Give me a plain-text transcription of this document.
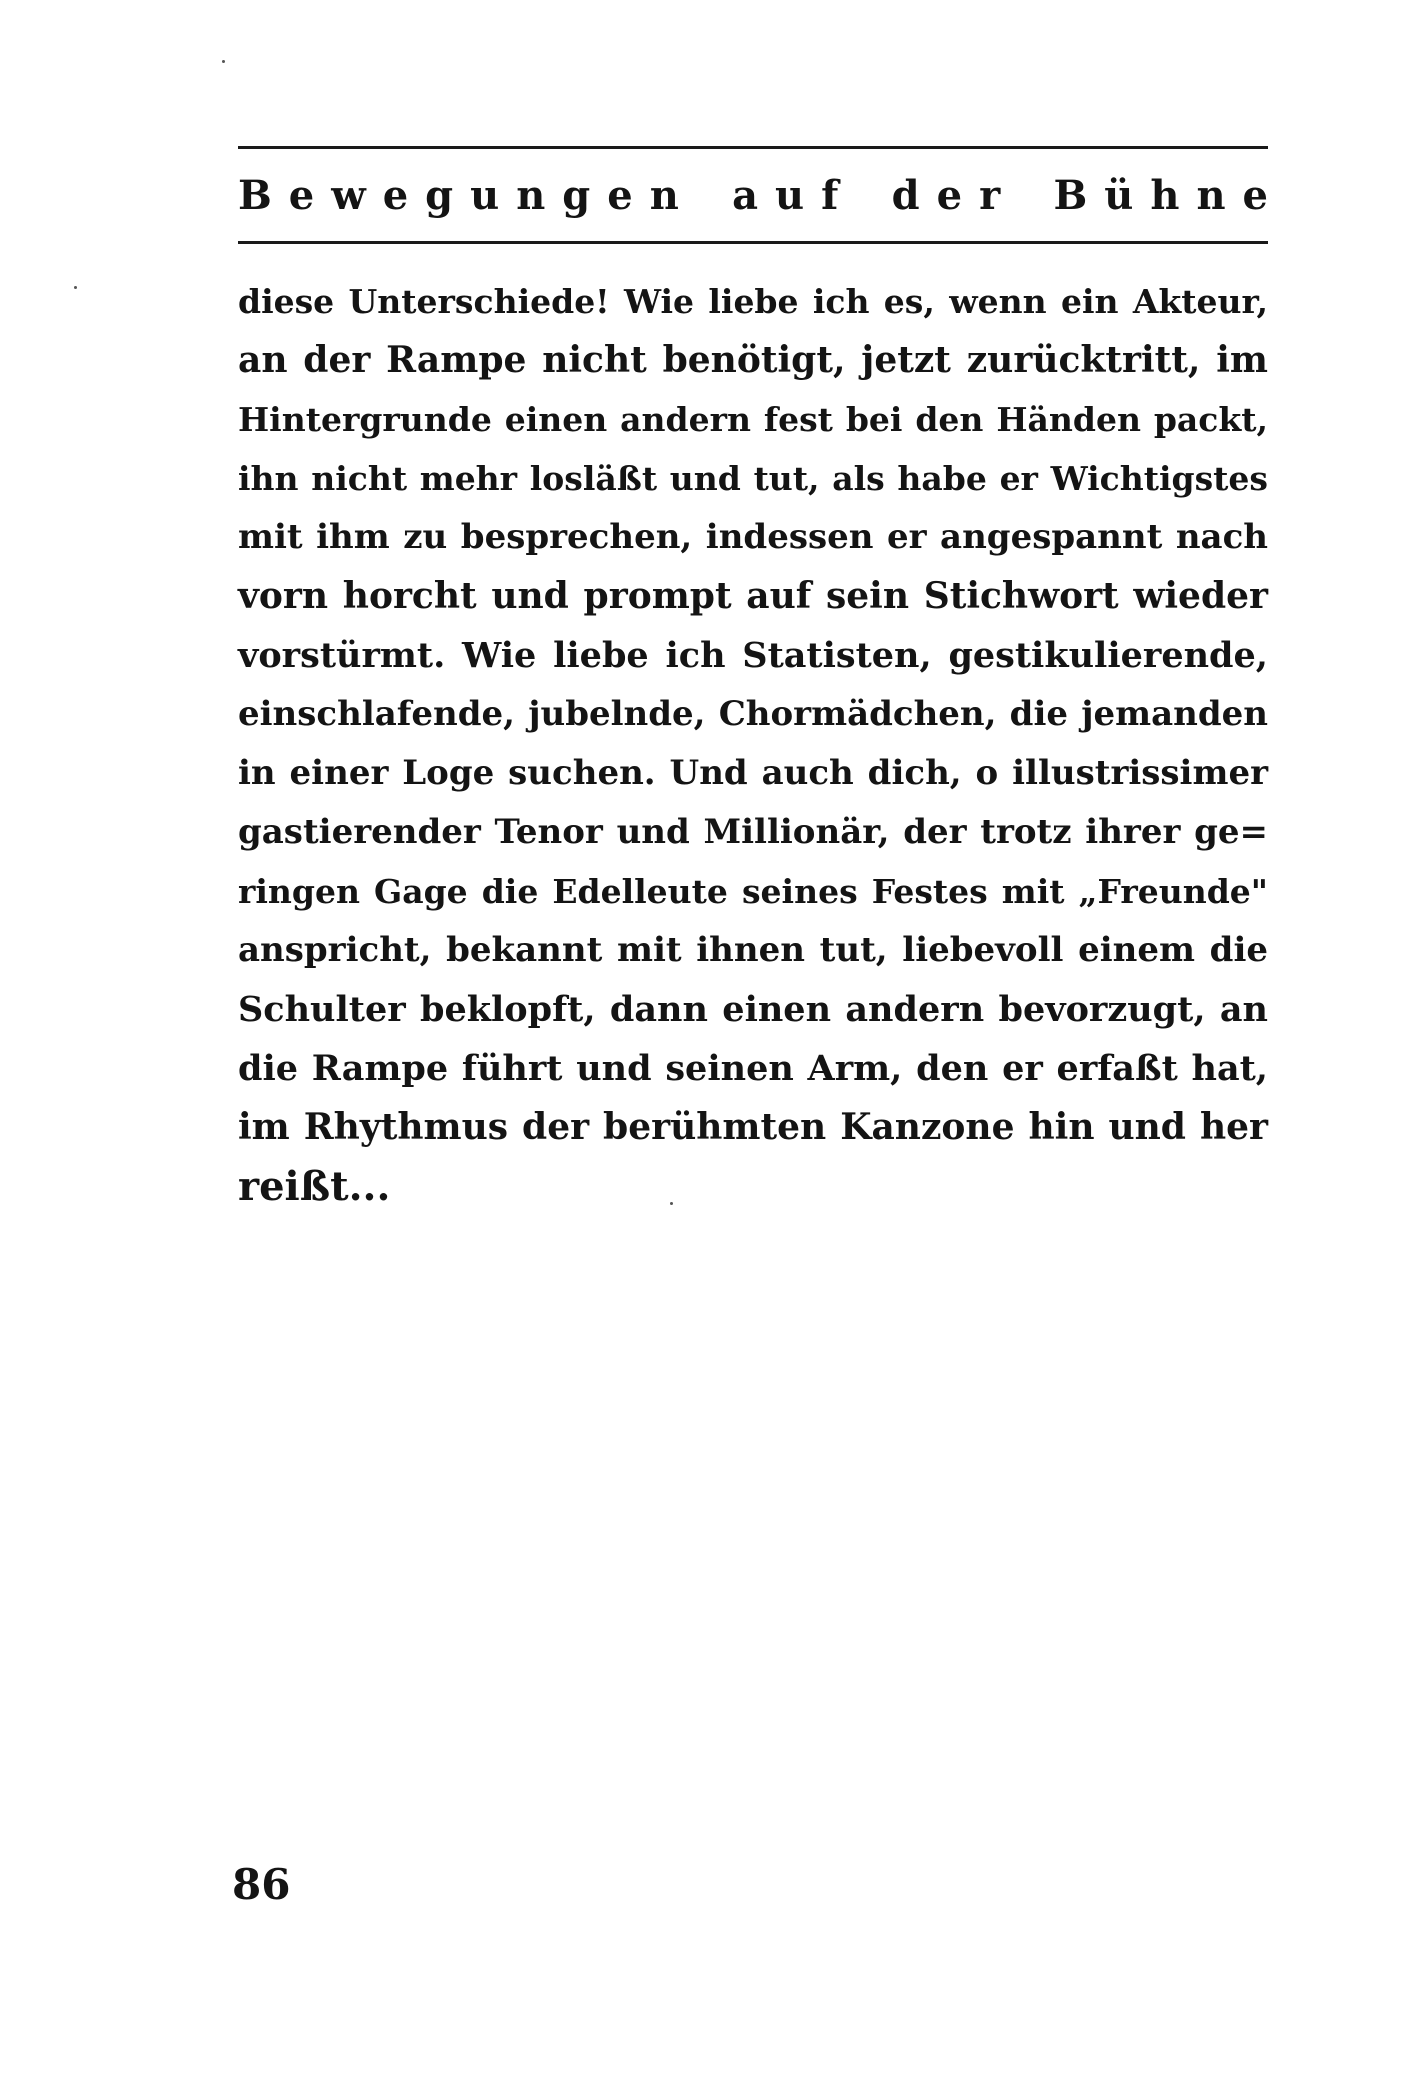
Bewegungen auf der Bühne
diese Unterschiede! Wie liebe ich es, wenn ein Akteur,
an der Rampe nicht benötigt, jetzt zurücktritt, im
Hintergrunde einen andern fest bei den Händen packt,
ihn nicht mehr losläßt und tut, als habe er Wichtigstes
mit ihm zu besprechen, indessen er angespannt nach
vorn horcht und prompt auf sein Stichwort wieder
vorstürmt. Wie liebe ich Statisten, gestikulierende,
einschlafende, jubelnde, Chormädchen, die jemanden
in einer Loge suchen. Und auch dich, o illustrissimer
gastierender Tenor und Millionär, der trotz ihrer ge=
ringen Gage die Edelleute seines Festes mit „Freunde"
anspricht, bekannt mit ihnen tut, liebevoll einem die
Schulter beklopft, dann einen andern bevorzugt, an
die Rampe führt und seinen Arm, den er erfaßt hat,
im Rhythmus der berühmten Kanzone hin und her
reißt...
86
